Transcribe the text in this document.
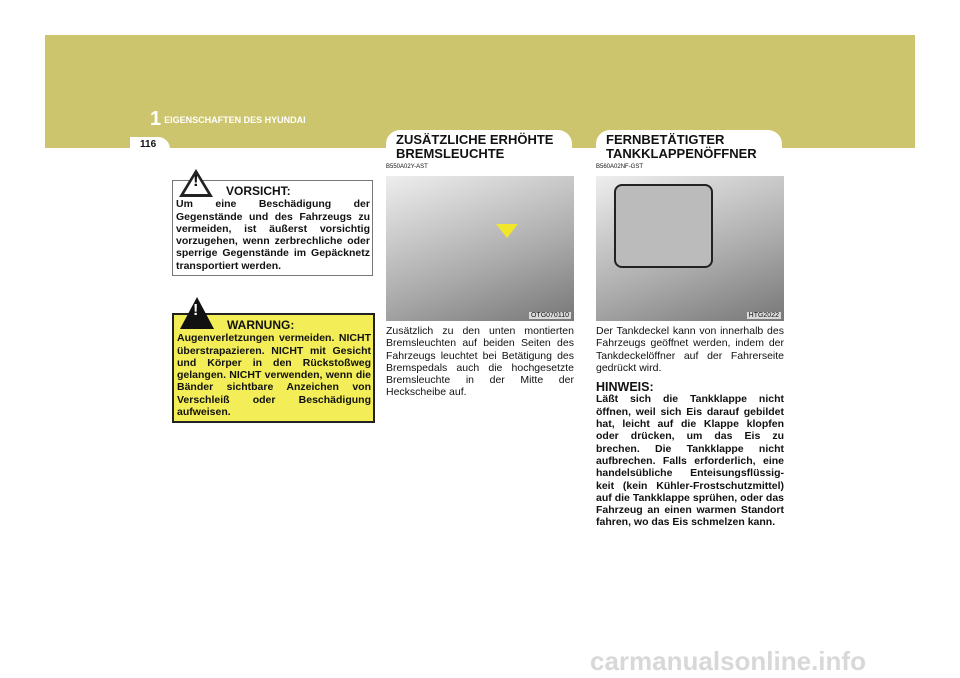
1 EIGENSCHAFTEN DES HYUNDAI
116
!
VORSICHT:
Um eine Beschädigung der Gegenstände und des Fahrzeugs zu vermeiden, ist äußerst vorsichtig vorzugehen, wenn zerbrechliche oder sperrige Gegenstände im Gepäcknetz transportiert werden.
!
WARNUNG:
Augenverletzungen vermeiden. NICHT überstrapazieren. NICHT mit Gesicht und Körper in den Rückstoßweg gelangen. NICHT verwenden, wenn die Bänder sichtbare Anzeichen von Verschleiß oder Beschädigung aufweisen.
ZUSÄTZLICHE ERHÖHTE
BREMSLEUCHTE
B550A02Y-AST
OTG070110
Zusätzlich zu den unten montierten Bremsleuchten auf beiden Seiten des Fahrzeugs leuchtet bei Betätigung des Bremspedals auch die hochgesetzte Bremsleuchte in der Mitte der Heckscheibe auf.
FERNBETÄTIGTER
TANKKLAPPENÖFFNER
B560A02NF-GST
HTG2022
Der Tankdeckel kann von innerhalb des Fahrzeugs geöffnet werden, indem der Tankdeckelöffner auf der Fahrerseite gedrückt wird.
HINWEIS:
Läßt sich die Tankklappe nicht öffnen, weil sich Eis darauf gebildet hat, leicht auf die Klappe klopfen oder drücken, um das Eis zu brechen. Die Tankklappe nicht aufbrechen. Falls erforderlich, eine handelsübliche Enteisungsflüssig-keit (kein Kühler-Frostschutzmittel) auf die Tankklappe sprühen, oder das Fahrzeug an einen warmen Standort fahren, wo das Eis schmelzen kann.
carmanualsonline.info
